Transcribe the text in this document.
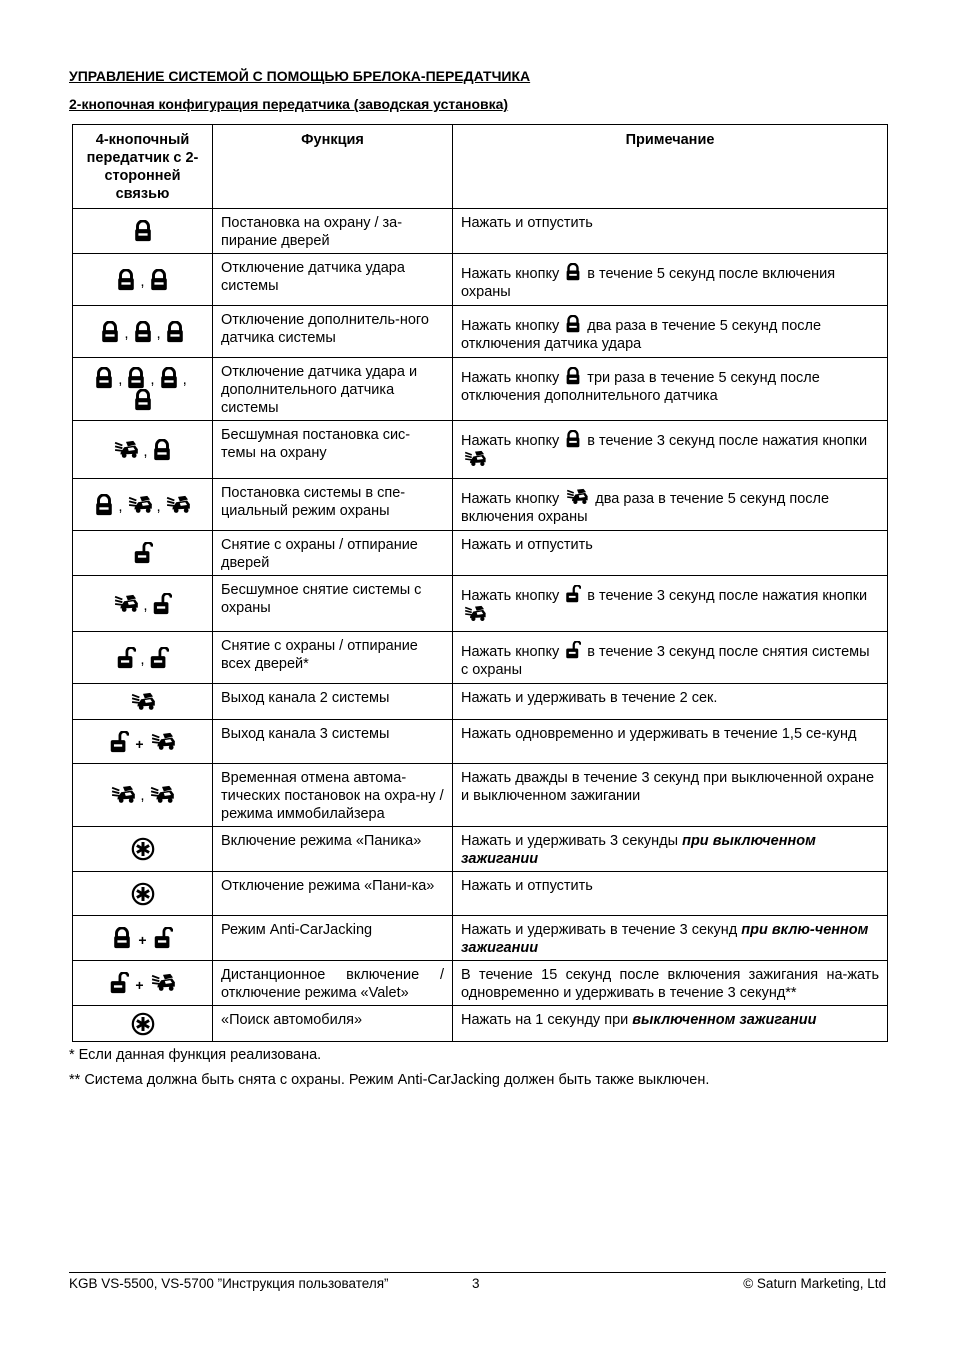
УПРАВЛЕНИЕ СИСТЕМОЙ С ПОМОЩЬЮ БРЕЛОКА-ПЕРЕДАТЧИКА
2-кнопочная конфигурация передатчика (заводская установка)
4-кнопочный передатчик с 2-сторонней связью	Функция	Примечание
	Постановка на охрану / за-пирание дверей	Нажать и отпустить
,	Отключение датчика удара системы	Нажать кнопку в течение 5 секунд после включения охраны
, ,	Отключение дополнитель-ного датчика системы	Нажать кнопку два раза в течение 5 секунд после отключения датчика удара

, , ,	Отключение датчика удара и дополнительного датчика системы	Нажать кнопку три раза в течение 5 секунд после отключения дополнительного датчика
,	Бесшумная постановка сис-темы на охрану	Нажать кнопку в течение 3 секунд после нажатия кнопки
, ,	Постановка системы в спе-циальный режим охраны	Нажать кнопку два раза в течение 5 секунд после включения охраны
	Снятие с охраны / отпирание дверей	Нажать и отпустить
,	Бесшумное снятие системы с охраны	Нажать кнопку в течение 3 секунд после нажатия кнопки
,	Снятие с охраны / отпирание всех дверей*	Нажать кнопку в течение 3 секунд после снятия системы с охраны
	Выход канала 2 системы	Нажать и удерживать в течение 2 сек.
+	Выход канала 3 системы	Нажать одновременно и удерживать в течение 1,5 се-кунд
,	Временная отмена автома-тических постановок на охра-ну / режима иммобилайзера	Нажать дважды в течение 3 секунд при выключенной охране и выключенном зажигании
	Включение режима «Паника»	Нажать и удерживать 3 секунды при выключенном зажигании
	Отключение режима «Пани-ка»	Нажать и отпустить
+	Режим Anti-CarJacking	Нажать и удерживать в течение 3 секунд при вклю-ченном зажигании
+	Дистанционное включение / отключение режима «Valet»	В течение 15 секунд после включения зажигания на-жать одновременно и удерживать в течение 3 секунд**
	«Поиск автомобиля»	Нажать на 1 секунду при выключенном зажигании
* Если данная функция реализована.
** Система должна быть снята с охраны. Режим Anti-CarJacking должен быть также выключен.
KGB VS-5500, VS-5700 ”Инструкция пользователя”	3	© Saturn Marketing, Ltd
